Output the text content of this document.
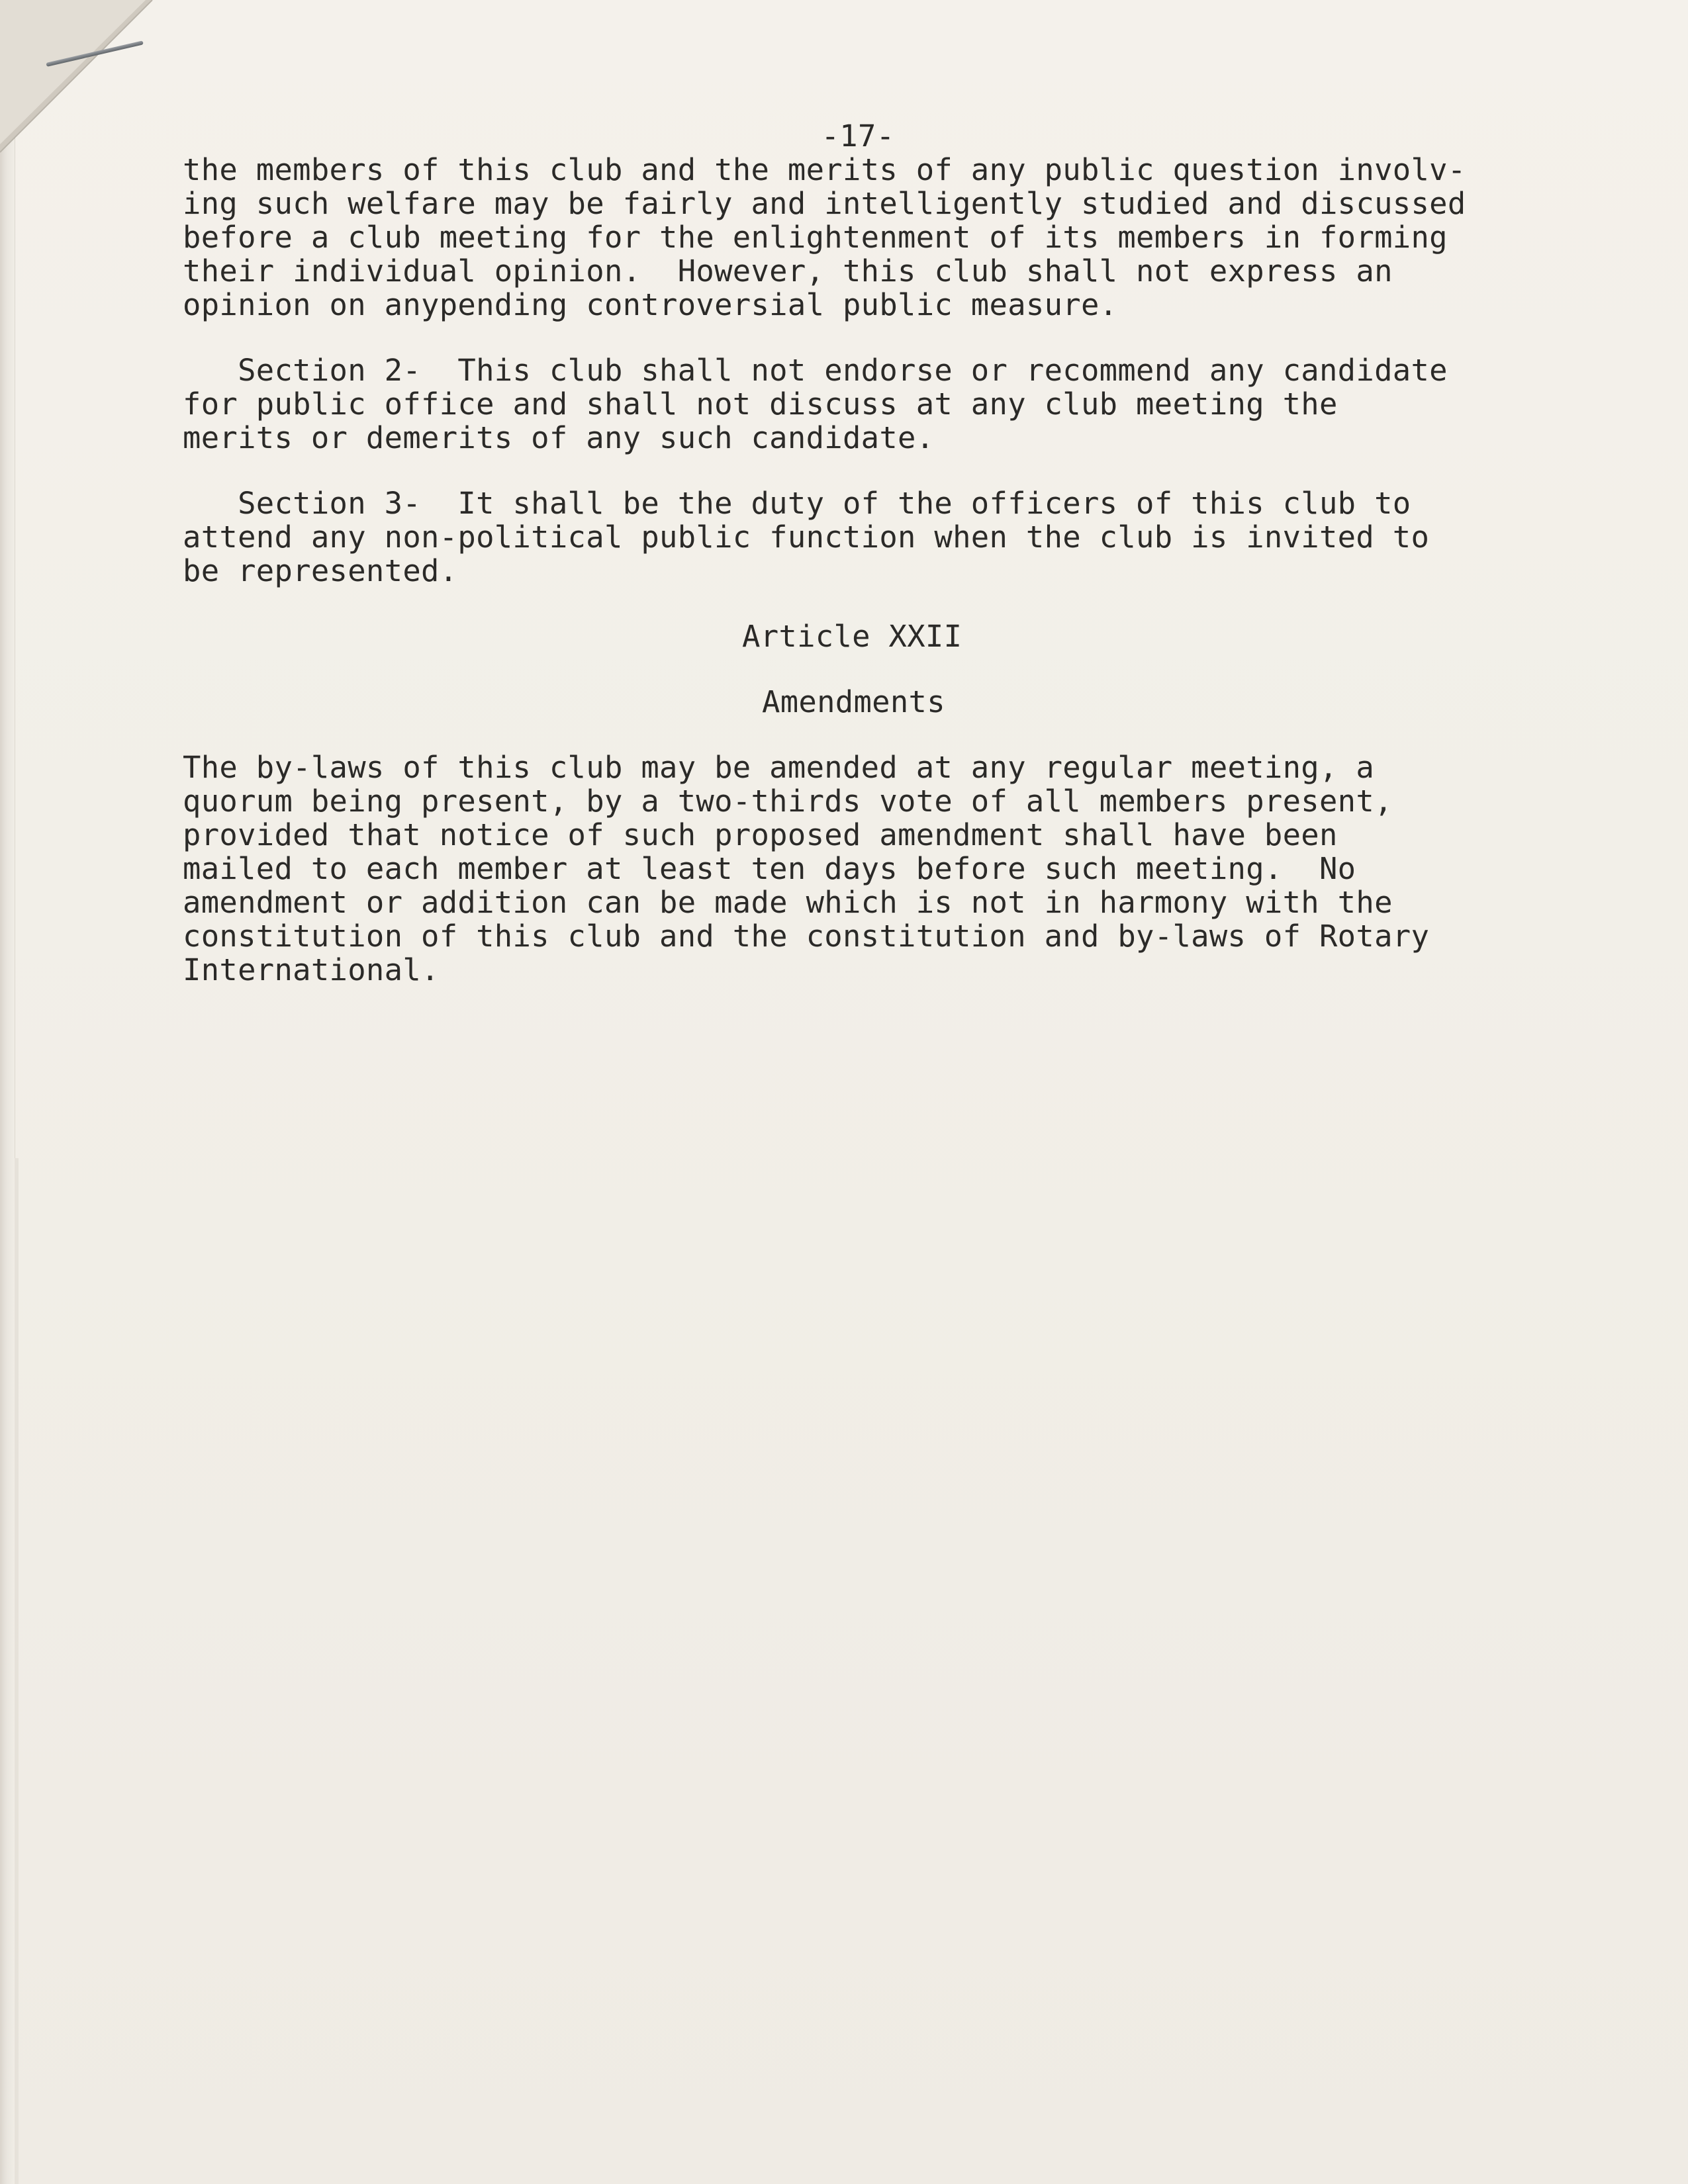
-17-
the members of this club and the merits of any public question involv-
ing such welfare may be fairly and intelligently studied and discussed
before a club meeting for the enlightenment of its members in forming
their individual opinion.  However, this club shall not express an
opinion on anypending controversial public measure.
Section 2-  This club shall not endorse or recommend any candidate
for public office and shall not discuss at any club meeting the
merits or demerits of any such candidate.
Section 3-  It shall be the duty of the officers of this club to
attend any non-political public function when the club is invited to
be represented.
Article XXII
Amendments
The by-laws of this club may be amended at any regular meeting, a
quorum being present, by a two-thirds vote of all members present,
provided that notice of such proposed amendment shall have been
mailed to each member at least ten days before such meeting.  No
amendment or addition can be made which is not in harmony with the
constitution of this club and the constitution and by-laws of Rotary
International.
